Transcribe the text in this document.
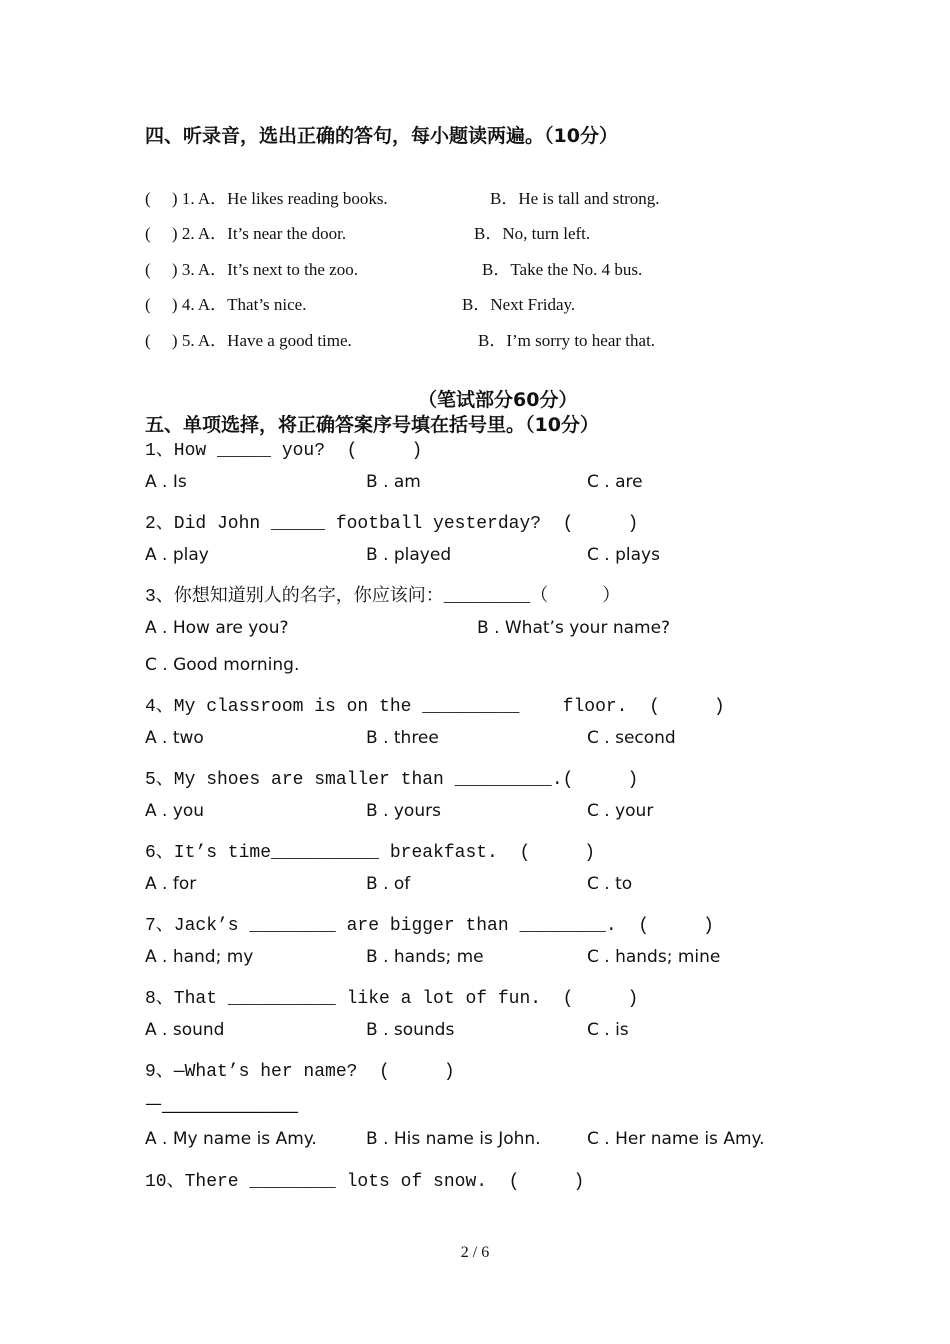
四、听录音，选出正确的答句，每小题读两遍。（10分）
(     ) 1. A．He likes reading books.	B．He is tall and strong.
(     ) 2. A．It’s near the door.	B．No, turn left.
(     ) 3. A．It’s next to the zoo.	B．Take the No. 4 bus.
(     ) 4. A．That’s nice.	B．Next Friday.
(     ) 5. A．Have a good time.	B．I’m sorry to hear that.
（笔试部分60分）
五、单项选择，将正确答案序号填在括号里。（10分）
1、How _____ you?  (     )
A . Is	B . am	C . are
2、Did John _____ football yesterday?  (     )
A . play	B . played	C . plays
3、你想知道别人的名字，你应该问：________（     ）
A . How are you?	B . What’s your name?
C . Good morning.
4、My classroom is on the _________    floor.  (     )
A . two	B . three	C . second
5、My shoes are smaller than _________.(     )
A . you	B . yours	C . your
6、It’s time__________ breakfast.  (     )
A . for	B . of	C . to
7、Jack’s ________ are bigger than ________.  (     )
A . hand; my	B . hands; me	C . hands; mine
8、That __________ like a lot of fun.  (     )
A . sound	B . sounds	C . is
9、—What’s her name?  (     )
—________________
A . My name is Amy.	B . His name is John.	C . Her name is Amy.
10、There ________ lots of snow.  (     )
2 / 6
